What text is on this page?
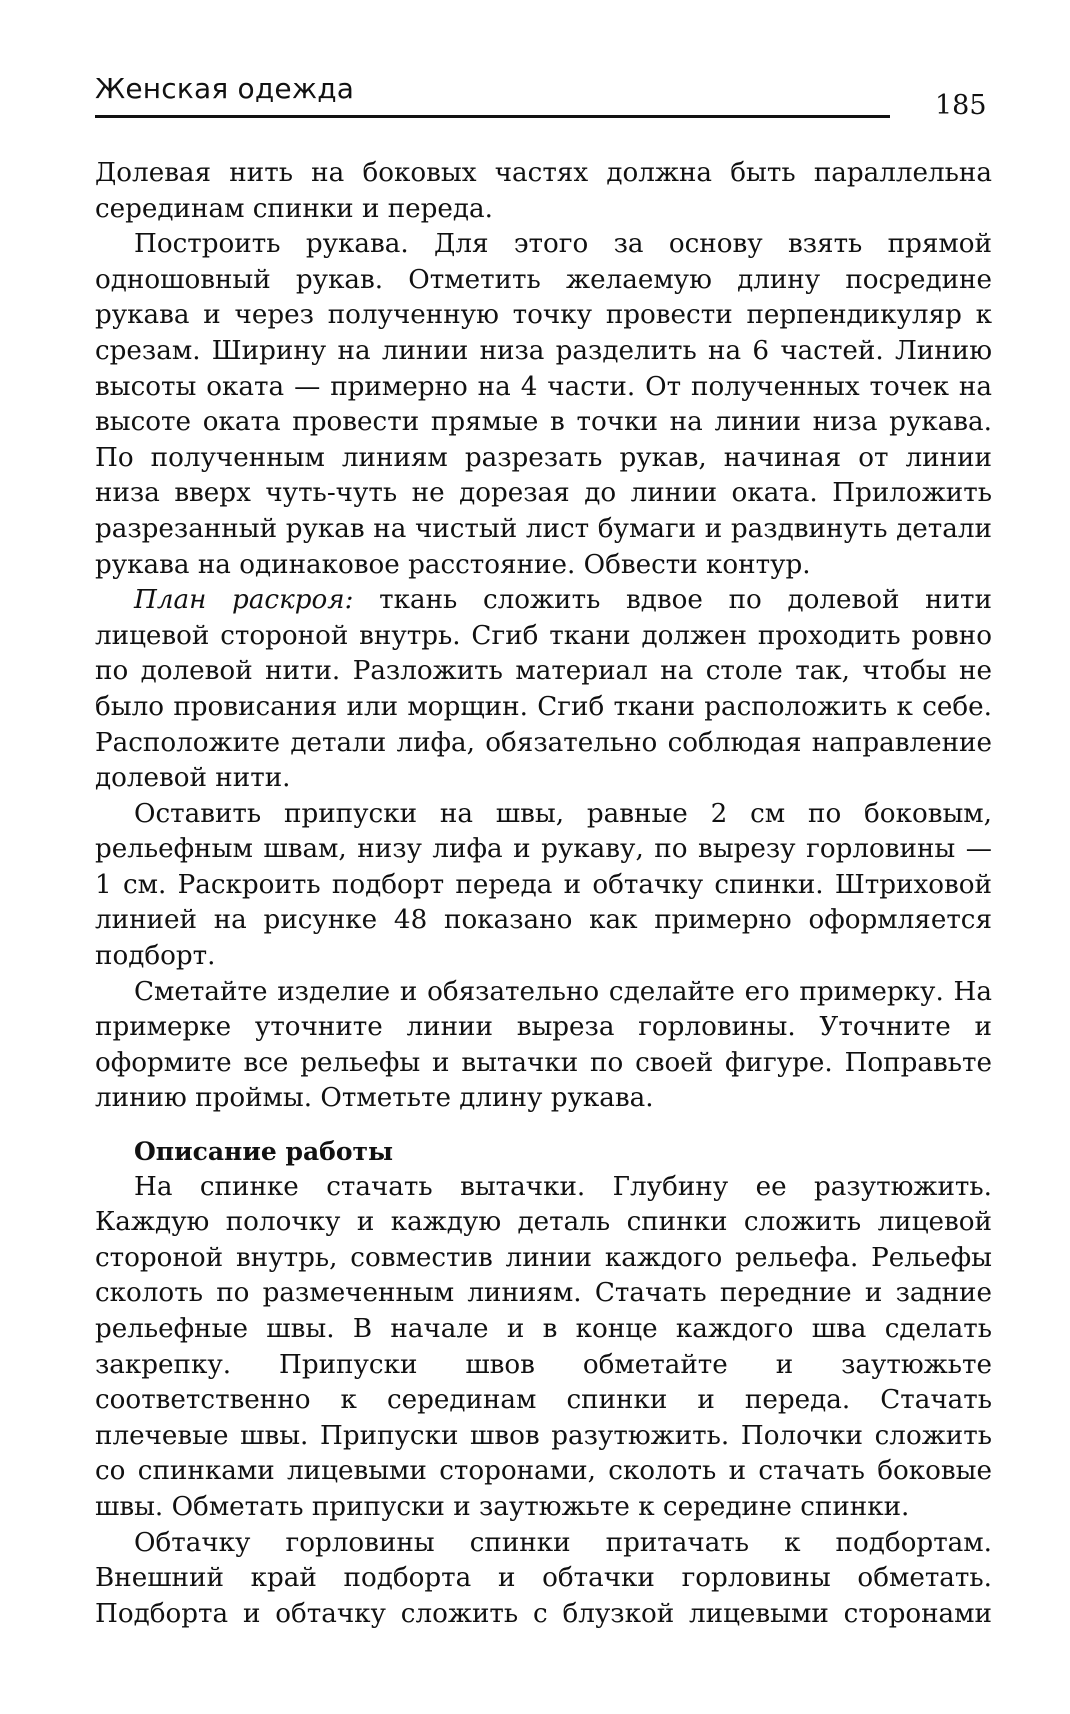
Женская одежда
185

Долевая нить на боковых частях должна быть параллельна серединам спинки и переда.

Построить рукава. Для этого за основу взять прямой одношовный рукав. Отметить желаемую длину посредине рукава и через полученную точку провести перпендикуляр к срезам. Ширину на линии низа разделить на 6 частей. Линию высоты оката — примерно на 4 части. От полученных точек на высоте оката провести прямые в точки на линии низа рукава. По полученным линиям разрезать рукав, начиная от линии низа вверх чуть-чуть не дорезая до линии оката. Приложить разрезанный рукав на чистый лист бумаги и раздвинуть детали рукава на одинаковое расстояние. Обвести контур.

План раскроя: ткань сложить вдвое по долевой нити лицевой стороной внутрь. Сгиб ткани должен проходить ровно по долевой нити. Разложить материал на столе так, чтобы не было провисания или морщин. Сгиб ткани расположить к себе. Расположите детали лифа, обязательно соблюдая направление долевой нити.

Оставить припуски на швы, равные 2 см по боковым, рельефным швам, низу лифа и рукаву, по вырезу горловины — 1 см. Раскроить подборт переда и обтачку спинки. Штриховой линией на рисунке 48 показано как примерно оформляется подборт.

Сметайте изделие и обязательно сделайте его примерку. На примерке уточните линии выреза горловины. Уточните и оформите все рельефы и вытачки по своей фигуре. Поправьте линию проймы. Отметьте длину рукава.

Описание работы

На спинке стачать вытачки. Глубину ее разутюжить. Каждую полочку и каждую деталь спинки сложить лицевой стороной внутрь, совместив линии каждого рельефа. Рельефы сколоть по размеченным линиям. Стачать передние и задние рельефные швы. В начале и в конце каждого шва сделать закрепку. Припуски швов обметайте и заутюжьте соответственно к серединам спинки и переда. Стачать плечевые швы. Припуски швов разутюжить. Полочки сложить со спинками лицевыми сторонами, сколоть и стачать боковые швы. Обметать припуски и заутюжьте к середине спинки.

Обтачку горловины спинки притачать к подбортам. Внешний край подборта и обтачки горловины обметать. Подборта и обтачку сложить с блузкой лицевыми сторонами
